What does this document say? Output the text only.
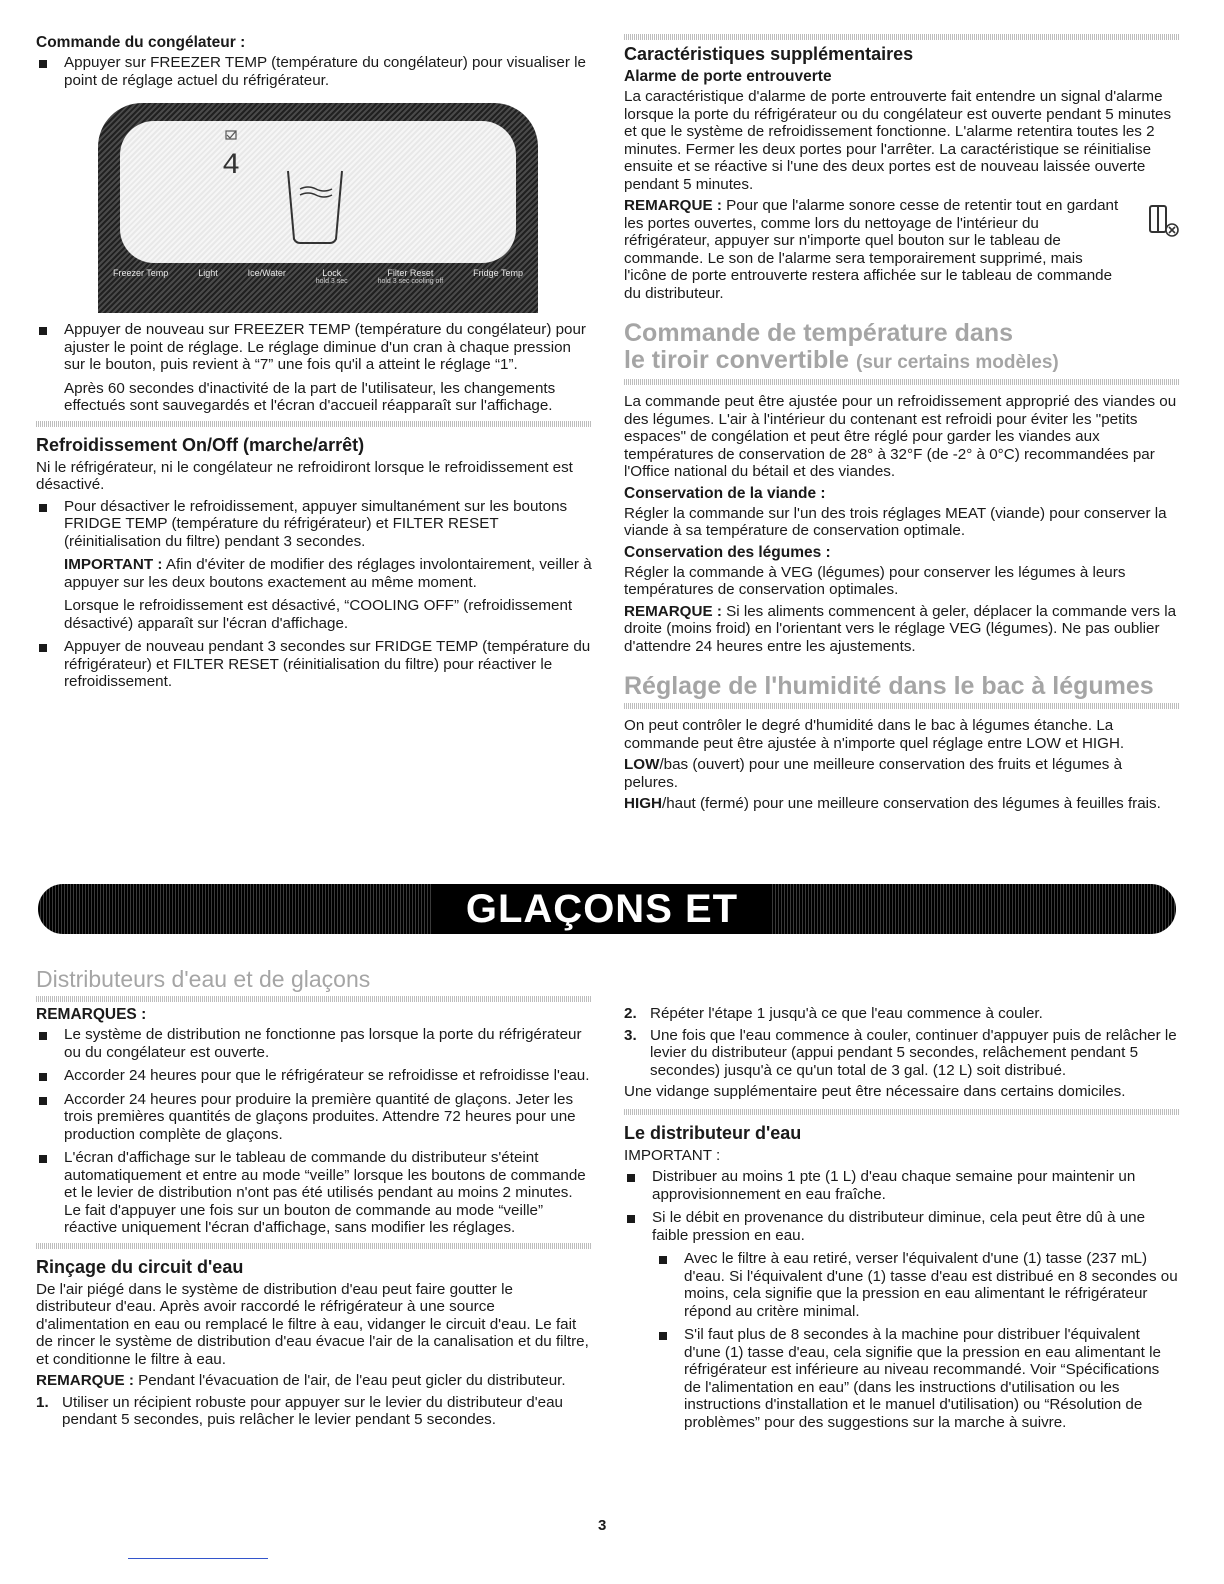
Commande du congélateur :

Appuyer sur FREEZER TEMP (température du congélateur) pour visualiser le point de réglage actuel du réfrigérateur.

4
Freezer Temp	Light	Ice/Water	Lock
hold 3 sec
Filter Reset
hold 3 sec cooling off
Fridge Temp

Appuyer de nouveau sur FREEZER TEMP (température du congélateur) pour ajuster le point de réglage. Le réglage diminue d'un cran à chaque pression sur le bouton, puis revient à “7” une fois qu'il a atteint le réglage “1”.

Après 60 secondes d'inactivité de la part de l'utilisateur, les changements effectués sont sauvegardés et l'écran d'accueil réapparaît sur l'affichage.

Refroidissement On/Off (marche/arrêt)

Ni le réfrigérateur, ni le congélateur ne refroidiront lorsque le refroidissement est désactivé.

Pour désactiver le refroidissement, appuyer simultanément sur les boutons FRIDGE TEMP (température du réfrigérateur) et FILTER RESET (réinitialisation du filtre) pendant 3 secondes.

IMPORTANT : Afin d'éviter de modifier des réglages involontairement, veiller à appuyer sur les deux boutons exactement au même moment.

Lorsque le refroidissement est désactivé, “COOLING OFF” (refroidissement désactivé) apparaît sur l'écran d'affichage.

Appuyer de nouveau pendant 3 secondes sur FRIDGE TEMP (température du réfrigérateur) et FILTER RESET (réinitialisation du filtre) pour réactiver le refroidissement.

Caractéristiques supplémentaires

Alarme de porte entrouverte

La caractéristique d'alarme de porte entrouverte fait entendre un signal d'alarme lorsque la porte du réfrigérateur ou du congélateur est ouverte pendant 5 minutes et que le système de refroidissement fonctionne. L'alarme retentira toutes les 2 minutes. Fermer les deux portes pour l'arrêter. La caractéristique se réinitialise ensuite et se réactive si l'une des deux portes est de nouveau laissée ouverte pendant 5 minutes.

REMARQUE : Pour que l'alarme sonore cesse de retentir tout en gardant les portes ouvertes, comme lors du nettoyage de l'intérieur du réfrigérateur, appuyer sur n'importe quel bouton sur le tableau de commande. Le son de l'alarme sera temporairement supprimé, mais l'icône de porte entrouverte restera affichée sur le tableau de commande du distributeur.

Commande de température dans
le tiroir convertible (sur certains modèles)

La commande peut être ajustée pour un refroidissement approprié des viandes ou des légumes. L'air à l'intérieur du contenant est refroidi pour éviter les "petits espaces" de congélation et peut être réglé pour garder les viandes aux températures de conservation de 28° à 32°F (de -2° à 0°C) recommandées par l'Office national du bétail et des viandes.

Conservation de la viande :

Régler la commande sur l'un des trois réglages MEAT (viande) pour conserver la viande à sa température de conservation optimale.

Conservation des légumes :

Régler la commande à VEG (légumes) pour conserver les légumes à leurs températures de conservation optimales.

REMARQUE : Si les aliments commencent à geler, déplacer la commande vers la droite (moins froid) en l'orientant vers le réglage VEG (légumes). Ne pas oublier d'attendre 24 heures entre les ajustements.

Réglage de l'humidité dans le bac à légumes

On peut contrôler le degré d'humidité dans le bac à légumes étanche. La commande peut être ajustée à n'importe quel réglage entre LOW et HIGH.

LOW/bas (ouvert) pour une meilleure conservation des fruits et légumes à pelures.

HIGH/haut (fermé) pour une meilleure conservation des légumes à feuilles frais.

GLAÇONS ET EAU

Distributeurs d'eau et de glaçons

REMARQUES :

Le système de distribution ne fonctionne pas lorsque la porte du réfrigérateur ou du congélateur est ouverte.

Accorder 24 heures pour que le réfrigérateur se refroidisse et refroidisse l'eau.

Accorder 24 heures pour produire la première quantité de glaçons. Jeter les trois premières quantités de glaçons produites. Attendre 72 heures pour une production complète de glaçons.

L'écran d'affichage sur le tableau de commande du distributeur s'éteint automatiquement et entre au mode “veille” lorsque les boutons de commande et le levier de distribution n'ont pas été utilisés pendant au moins 2 minutes. Le fait d'appuyer une fois sur un bouton de commande au mode “veille” réactive uniquement l'écran d'affichage, sans modifier les réglages.

Rinçage du circuit d'eau

De l'air piégé dans le système de distribution d'eau peut faire goutter le distributeur d'eau. Après avoir raccordé le réfrigérateur à une source d'alimentation en eau ou remplacé le filtre à eau, vidanger le circuit d'eau. Le fait de rincer le système de distribution d'eau évacue l'air de la canalisation et du filtre, et conditionne le filtre à eau.

REMARQUE : Pendant l'évacuation de l'air, de l'eau peut gicler du distributeur.

1. Utiliser un récipient robuste pour appuyer sur le levier du distributeur d'eau pendant 5 secondes, puis relâcher le levier pendant 5 secondes.

2. Répéter l'étape 1 jusqu'à ce que l'eau commence à couler.

3. Une fois que l'eau commence à couler, continuer d'appuyer puis de relâcher le levier du distributeur (appui pendant 5 secondes, relâchement pendant 5 secondes) jusqu'à ce qu'un total de 3 gal. (12 L) soit distribué.

Une vidange supplémentaire peut être nécessaire dans certains domiciles.

Le distributeur d'eau

IMPORTANT :

Distribuer au moins 1 pte (1 L) d'eau chaque semaine pour maintenir un approvisionnement en eau fraîche.

Si le débit en provenance du distributeur diminue, cela peut être dû à une faible pression en eau.

Avec le filtre à eau retiré, verser l'équivalent d'une (1) tasse (237 mL) d'eau. Si l'équivalent d'une (1) tasse d'eau est distribué en 8 secondes ou moins, cela signifie que la pression en eau alimentant le réfrigérateur répond au critère minimal.

S'il faut plus de 8 secondes à la machine pour distribuer l'équivalent d'une (1) tasse d'eau, cela signifie que la pression en eau alimentant le réfrigérateur est inférieure au niveau recommandé. Voir “Spécifications de l'alimentation en eau” (dans les instructions d'utilisation ou les instructions d'installation et le manuel d'utilisation) ou “Résolution de problèmes” pour des suggestions sur la marche à suivre.

3
